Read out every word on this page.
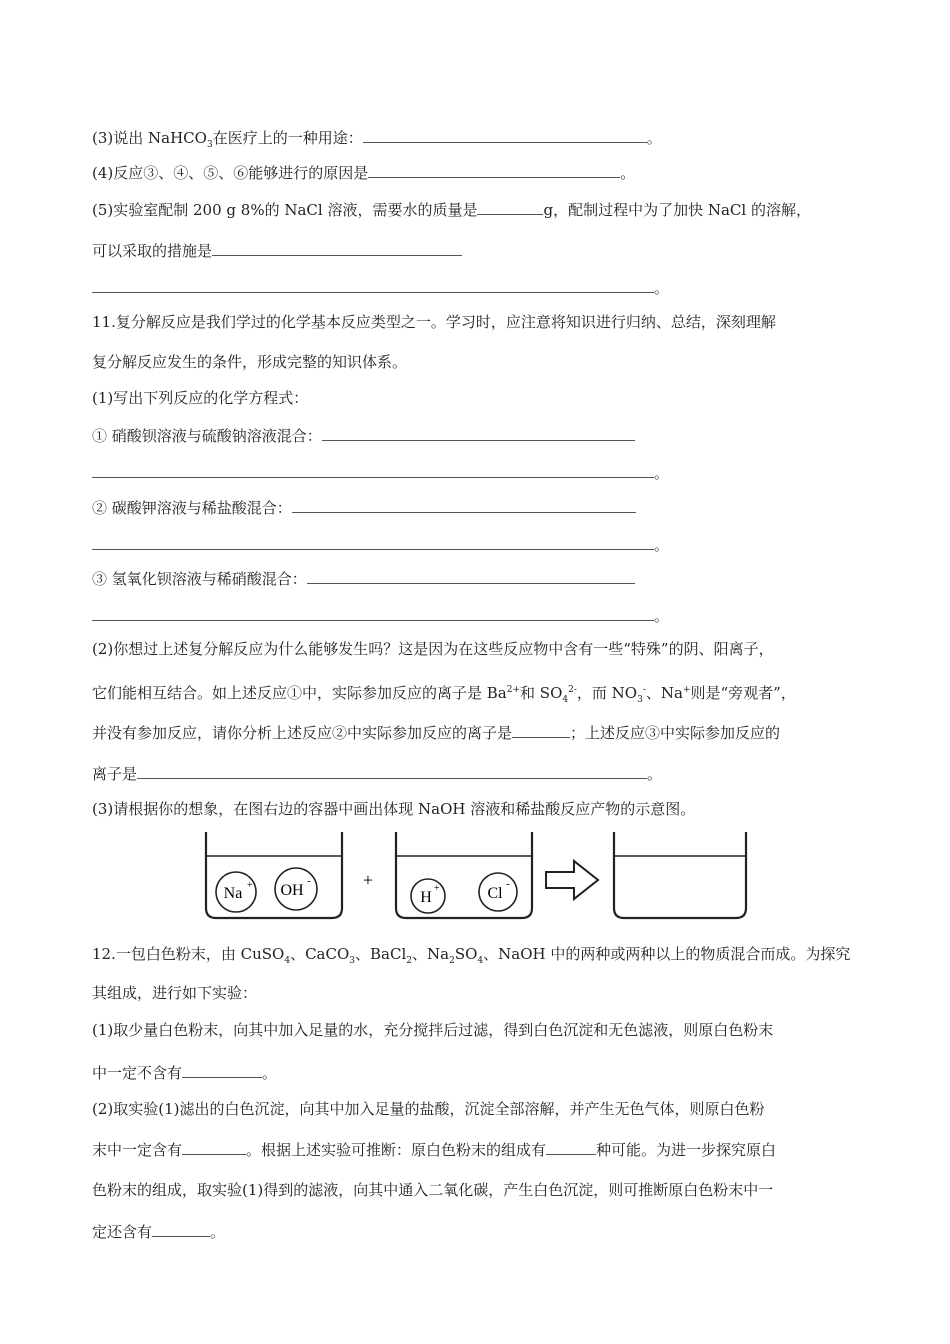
(3)说出 NaHCO$_3$在医疗上的一种用途：	。
(4)反应③、④、⑤、⑥能够进行的原因是	。
(5)实验室配制 200 g 8%的 NaCl 溶液，需要水的质量是	g，配制过程中为了加快 NaCl 的溶解，
可以采取的措施是
。
11.复分解反应是我们学过的化学基本反应类型之一。学习时，应注意将知识进行归纳、总结，深刻理解
复分解反应发生的条件，形成完整的知识体系。
(1)写出下列反应的化学方程式：
① 硝酸钡溶液与硫酸钠溶液混合：
。
② 碳酸钾溶液与稀盐酸混合：
。
③ 氢氧化钡溶液与稀硝酸混合：
。
(2)你想过上述复分解反应为什么能够发生吗？这是因为在这些反应物中含有一些“特殊”的阴、阳离子，
它们能相互结合。如上述反应①中，实际参加反应的离子是 $Ba^{2+}$和 $SO_4^{2-}$，而 $NO_3^-$、Na+则是“旁观者”，
并没有参加反应，请你分析上述反应②中实际参加反应的离子是	；上述反应③中实际参加反应的
离子是	。
(3)请根据你的想象，在图右边的容器中画出体现 NaOH 溶液和稀盐酸反应产物的示意图。
Na + OH
-	+
H
+	Cl
-
12.一包白色粉末，由 CuSO$_4$、CaCO$_3$、BaCl$_2$、$Na_2SO_4$、NaOH 中的两种或两种以上的物质混合而成。为探究
其组成，进行如下实验：
(1)取少量白色粉末，向其中加入足量的水，充分搅拌后过滤，得到白色沉淀和无色滤液，则原白色粉末
中一定不含有	。
(2)取实验(1)滤出的白色沉淀，向其中加入足量的盐酸，沉淀全部溶解，并产生无色气体，则原白色粉
末中一定含有	。根据上述实验可推断：原白色粉末的组成有	种可能。为进一步探究原白
色粉末的组成，取实验(1)得到的滤液，向其中通入二氧化碳，产生白色沉淀，则可推断原白色粉末中一
定还含有	。
